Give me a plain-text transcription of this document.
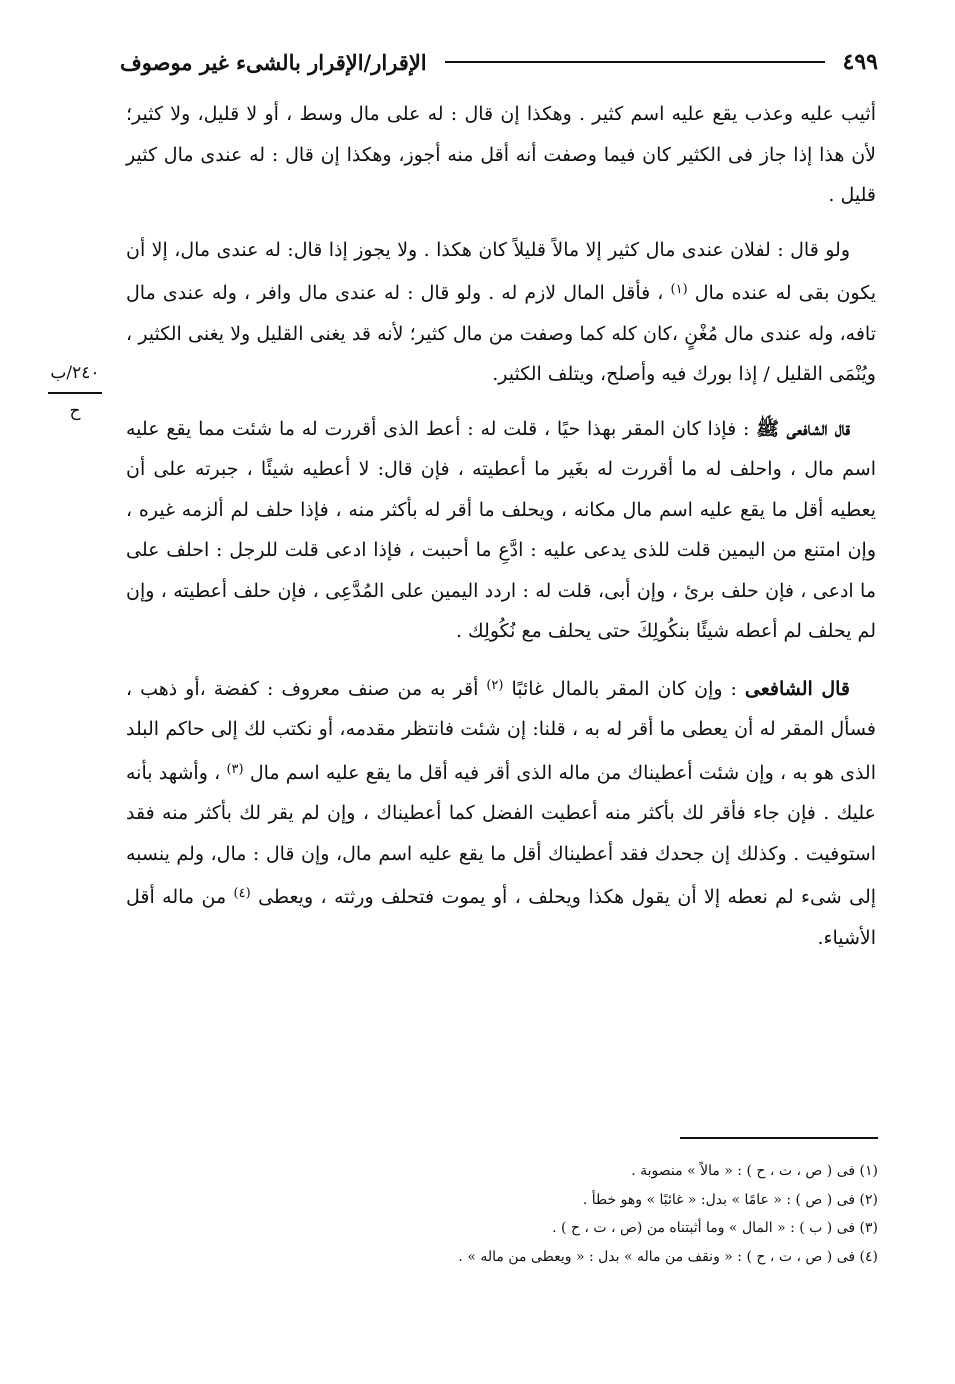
الإقرار/الإقرار بالشىء غير موصوف	٤٩٩
٢٤٠/ب
ح

أثيب عليه وعذب يقع عليه اسم كثير . وهكذا إن قال : له على مال وسط ، أو لا قليل، ولا كثير؛ لأن هذا إذا جاز فى الكثير كان فيما وصفت أنه أقل منه أجوز، وهكذا إن قال : له عندى مال كثير قليل .

ولو قال : لفلان عندى مال كثير إلا مالاً قليلاً كان هكذا . ولا يجوز إذا قال: له عندى مال، إلا أن يكون بقى له عنده مال $^{(١)}$ ، فأقل المال لازم له . ولو قال : له عندى مال وافر ، وله عندى مال تافه، وله عندى مال مُغْنٍ ،كان كله كما وصفت من مال كثير؛ لأنه قد يغنى القليل ولا يغنى الكثير ، ويُنْمَى القليل / إذا بورك فيه وأصلح، ويتلف الكثير.

قال الشافعى ﷺ : فإذا كان المقر بهذا حيًا ، قلت له : أعط الذى أقررت له ما شئت مما يقع عليه اسم مال ، واحلف له ما أقررت له بغَير ما أعطيته ، فإن قال: لا أعطيه شيئًا ، جبرته على أن يعطيه أقل ما يقع عليه اسم مال مكانه ، ويحلف ما أقر له بأكثر منه ، فإذا حلف لم ألزمه غيره ، وإن امتنع من اليمين قلت للذى يدعى عليه : ادَّعِ ما أحببت ، فإذا ادعى قلت للرجل : احلف على ما ادعى ، فإن حلف برئ ، وإن أبى، قلت له : اردد اليمين على المُدَّعِى ، فإن حلف أعطيته ، وإن لم يحلف لم أعطه شيئًا بنكُولِكَ حتى يحلف مع نُكُولِك .

قال الشافعى : وإن كان المقر بالمال غائبًا $^{(٢)}$ أقر به من صنف معروف : كفضة ،أو ذهب ، فسأل المقر له أن يعطى ما أقر له به ، قلنا: إن شئت فانتظر مقدمه، أو نكتب لك إلى حاكم البلد الذى هو به ، وإن شئت أعطيناك من ماله الذى أقر فيه أقل ما يقع عليه اسم مال $^{(٣)}$ ، وأشهد بأنه عليك . فإن جاء فأقر لك بأكثر منه أعطيت الفضل كما أعطيناك ، وإن لم يقر لك بأكثر منه فقد استوفيت . وكذلك إن جحدك فقد أعطيناك أقل ما يقع عليه اسم مال، وإن قال : مال، ولم ينسبه إلى شىء لم نعطه إلا أن يقول هكذا ويحلف ، أو يموت فتحلف ورثته ، ويعطى $^{(٤)}$ من ماله أقل الأشياء.

(١) فى ( ص ، ت ، ح ) : « مالاً » منصوبة .
(٢) فى ( ص ) : « عامًا » بدل: « غائبًا » وهو خطأ .
(٣) فى ( ب ) : « المال » وما أثبتناه من (ص ، ت ، ح ) .
(٤) فى ( ص ، ت ، ح ) : « ونقف من ماله » بدل : « ويعطى من ماله » .
